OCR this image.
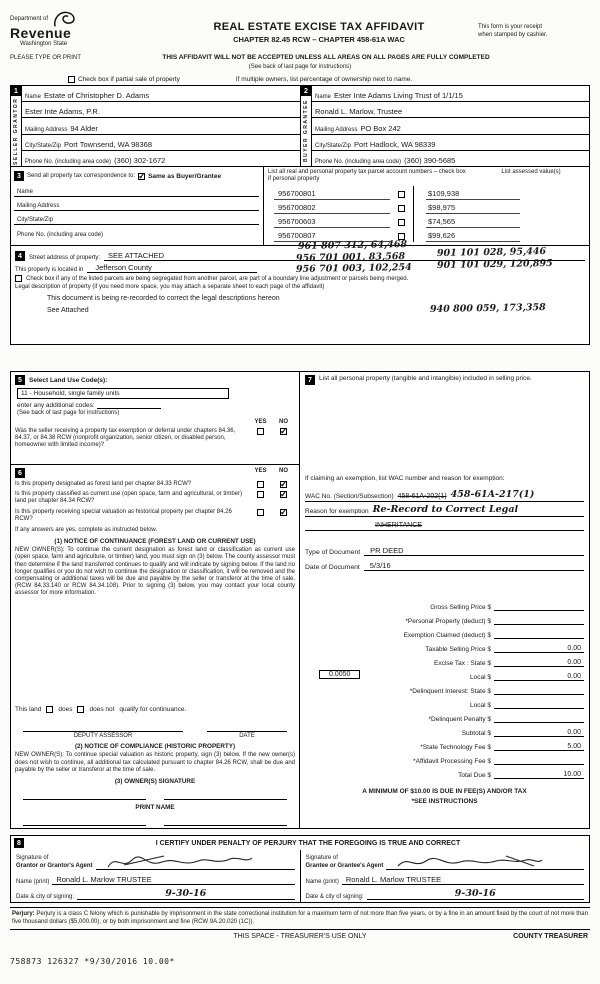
Department of
Revenue
Washington State
REAL ESTATE EXCISE TAX AFFIDAVIT
CHAPTER 82.45 RCW – CHAPTER 458-61A WAC
This form is your receipt
when stamped by cashier.
PLEASE TYPE OR PRINT	THIS AFFIDAVIT WILL NOT BE ACCEPTED UNLESS ALL AREAS ON ALL PAGES ARE FULLY COMPLETED
(See back of last page for instructions)
Check box if partial sale of property	If multiple owners, list percentage of ownership next to name.
1
SELLER GRANTOR
Name Estate of Christopher D. Adams
Ester Inte Adams, P.R.
Mailing Address 94 Alder
City/State/Zip Port Townsend, WA 98368
Phone No. (including area code) (360) 302-1672
2
BUYER GRANTEE
Name Ester Inte Adams Living Trust of 1/1/15
Ronald L. Marlow, Trustee
Mailing Address PO Box 242
City/State/Zip Port Hadlock, WA 98339
Phone No. (including area code) (360) 390-5685
3	Send all property tax correspondence to: ✓ Same as Buyer/Grantee
Name
Mailing Address
City/State/Zip
Phone No. (including area code)
List all real and personal property tax parcel account numbers – check box if personal property
List assessed value(s)
956700801	$109,938
956700802	$98,975
956700603	$74,565
956700807	$99,626
4	Street address of property:	SEE ATTACHED
This property is located in	Jefferson County
Check box if any of the listed parcels are being segregated from another parcel, are part of a boundary line adjustment or parcels being merged.
Legal description of property (if you need more space, you may attach a separate sheet to each page of the affidavit)
This document is being re-recorded to correct the legal descriptions hereon
See Attached
5	Select Land Use Code(s):
11 - Household, single family units
enter any additional codes:
(See back of last page for instructions)
YES	NO
Was the seller receiving a property tax exemption or deferral under chapters 84.36, 84.37, or 84.38 RCW (nonprofit organization, senior citizen, or disabled person, homeowner with limited income)?
✓
6	YES	NO
Is this property designated as forest land per chapter 84.33 RCW?
✓
Is this property classified as current use (open space, farm and agricultural, or timber) land per chapter 84.34 RCW?
✓
Is this property receiving special valuation as historical property per chapter 84.26 RCW?
✓
If any answers are yes, complete as instructed below.
(1) NOTICE OF CONTINUANCE (FOREST LAND OR CURRENT USE)
NEW OWNER(S): To continue the current designation as forest land or classification as current use (open space, farm and agriculture, or timber) land, you must sign on (3) below. The county assessor must then determine if the land transferred continues to qualify and will indicate by signing below. If the land no longer qualifies or you do not wish to continue the designation or classification, it will be removed and the compensating or additional taxes will be due and payable by the seller or transferor at the time of sale. (RCW 84.33.140 or RCW 84.34.108). Prior to signing (3) below, you may contact your local county assessor for more information.
This land	does	does not qualify for continuance.
DEPUTY ASSESSOR	DATE
(2) NOTICE OF COMPLIANCE (HISTORIC PROPERTY)
NEW OWNER(S): To continue special valuation as historic property, sign (3) below. If the new owner(s) does not wish to continue, all additional tax calculated pursuant to chapter 84.26 RCW, shall be due and payable by the seller or transferor at the time of sale.
(3) OWNER(S) SIGNATURE
PRINT NAME
7	List all personal property (tangible and intangible) included in selling price.
If claiming an exemption, list WAC number and reason for exemption:
WAC No. (Section/Subsection) 458-61A-202(1) 458-61A-217(1)
Reason for exemption Re-Record to Correct Legal
INHERITANCE
Type of Document	PR DEED
Date of Document	5/3/16
Gross Selling Price $
*Personal Property (deduct) $
Exemption Claimed (deduct) $
Taxable Selling Price $	0.00
Excise Tax : State $	0.00
0.0050	Local $	0.00
*Delinquent Interest: State $
Local $
*Delinquent Penalty $
Subtotal $	0.00
*State Technology Fee $	5.00
*Affidavit Processing Fee $
Total Due $	10.00
A MINIMUM OF $10.00 IS DUE IN FEE(S) AND/OR TAX
*SEE INSTRUCTIONS
8	I CERTIFY UNDER PENALTY OF PERJURY THAT THE FOREGOING IS TRUE AND CORRECT
Signature of
Grantor or Grantor's Agent
Name (print) Ronald L. Marlow TRUSTEE
Date & city of signing:	9-30-16
Signature of
Grantee or Grantee's Agent
Name (print) Ronald L. Marlow TRUSTEE
Date & city of signing:	9-30-16
Perjury: Perjury is a class C felony which is punishable by imprisonment in the state correctional institution for a maximum term of not more than five years, or by a fine in an amount fixed by the court of not more than five thousand dollars ($5,000.00), or by both imprisonment and fine (RCW 9A.20.020 (1C)).
THIS SPACE - TREASURER'S USE ONLY	COUNTY TREASURER
758873 126327 *9/30/2016 10.00*
961 807 312, 64,468
956 701 001, 83,568
956 701 003, 102,254
901 101 028, 95,446
901 101 029, 120,895
940 800 059, 173,358
